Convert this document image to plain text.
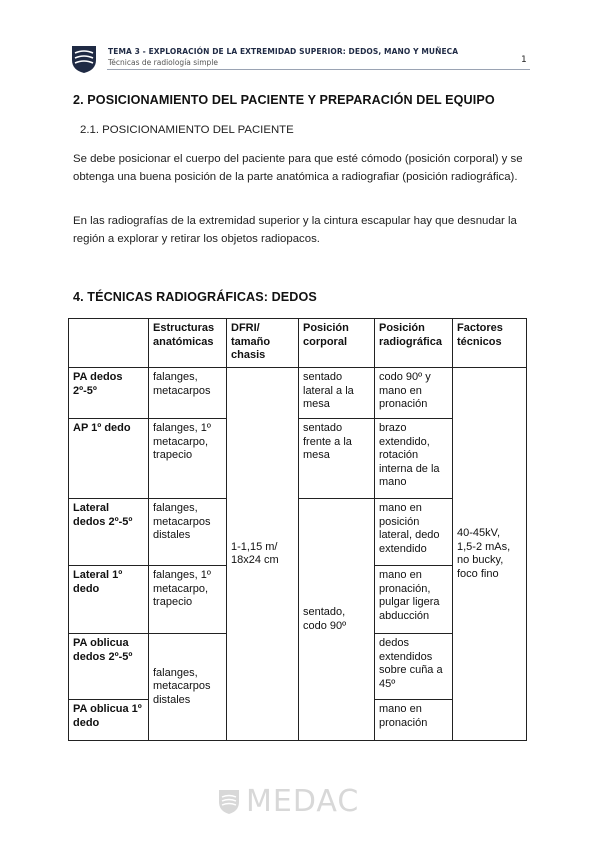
TEMA 3 - EXPLORACIÓN DE LA EXTREMIDAD SUPERIOR: DEDOS, MANO Y MUÑECA
Técnicas de radiología simple	1
2. POSICIONAMIENTO DEL PACIENTE Y PREPARACIÓN DEL EQUIPO
2.1. POSICIONAMIENTO DEL PACIENTE

Se debe posicionar el cuerpo del paciente para que esté cómodo (posición corporal) y se obtenga una buena posición de la parte anatómica a radiografiar (posición radiográfica).

En las radiografías de la extremidad superior y la cintura escapular hay que desnudar la región a explorar y retirar los objetos radiopacos.

4. TÉCNICAS RADIOGRÁFICAS: DEDOS
	Estructuras anatómicas	DFRI/ tamaño chasis	Posición corporal	Posición radiográfica	Factores técnicos
PA dedos 2º-5º	falanges, metacarpos	1-1,15 m/ 18x24 cm	sentado lateral a la mesa	codo 90º y mano en pronación	40-45kV, 1,5-2 mAs, no bucky, foco fino
AP 1º dedo	falanges, 1º metacarpo, trapecio		sentado frente a la mesa	brazo extendido, rotación interna de la mano	
Lateral dedos 2º-5º	falanges, metacarpos distales		sentado, codo 90º	mano en posición lateral, dedo extendido	
Lateral 1º dedo	falanges, 1º metacarpo, trapecio			mano en pronación, pulgar ligera abducción	
PA oblicua dedos 2º-5º	falanges, metacarpos distales			dedos extendidos sobre cuña a 45º	
PA oblicua 1º dedo				mano en pronación	
MEDAC
